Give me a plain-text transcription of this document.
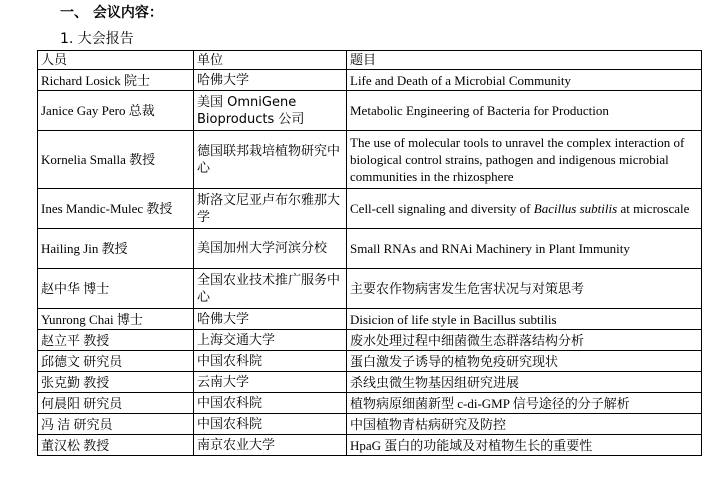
一、 会议内容：
1. 大会报告
人员	单位	题目
Richard Losick 院士	哈佛大学	Life and Death of a Microbial Community
Janice Gay Pero 总裁	美国 OmniGene Bioproducts 公司	Metabolic Engineering of Bacteria for Production
Kornelia Smalla 教授	德国联邦栽培植物研究中心	The use of molecular tools to unravel the complex interaction of biological control strains, pathogen and indigenous microbial communities in the rhizosphere
Ines Mandic-Mulec 教授	斯洛文尼亚卢布尔雅那大学	Cell-cell signaling and diversity of Bacillus subtilis at microscale
Hailing Jin 教授	美国加州大学河滨分校	Small RNAs and RNAi Machinery in Plant Immunity
赵中华 博士	全国农业技术推广服务中心	主要农作物病害发生危害状况与对策思考
Yunrong Chai 博士	哈佛大学	Disicion of life style in Bacillus subtilis
赵立平 教授	上海交通大学	废水处理过程中细菌微生态群落结构分析
邱德文 研究员	中国农科院	蛋白激发子诱导的植物免疫研究现状
张克勤 教授	云南大学	杀线虫微生物基因组研究进展
何晨阳 研究员	中国农科院	植物病原细菌新型 c-di-GMP 信号途径的分子解析
冯 洁 研究员	中国农科院	中国植物青枯病研究及防控
董汉松 教授	南京农业大学	HpaG 蛋白的功能域及对植物生长的重要性
